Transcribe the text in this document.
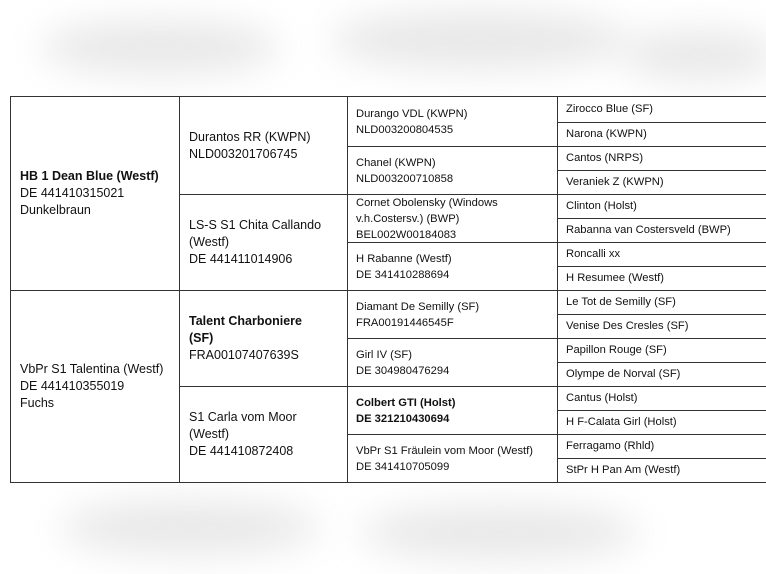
HB 1 Dean Blue (Westf)
DE 441410315021
Dunkelbraun
VbPr S1 Talentina (Westf)
DE 441410355019
Fuchs
Durantos RR (KWPN)
NLD003201706745
LS-S S1 Chita Callando (Westf)
DE 441411014906
Talent Charboniere (SF)
FRA00107407639S
S1 Carla vom Moor (Westf)
DE 441410872408
Durango VDL (KWPN)
NLD003200804535
Chanel (KWPN)
NLD003200710858
Cornet Obolensky (Windows v.h.Costersv.) (BWP)
BEL002W00184083
H Rabanne (Westf)
DE 341410288694
Diamant De Semilly (SF)
FRA00191446545F
Girl IV (SF)
DE 304980476294
Colbert GTI (Holst)
DE 321210430694
VbPr S1 Fräulein vom Moor (Westf)
DE 341410705099
Zirocco Blue (SF)
Narona (KWPN)
Cantos (NRPS)
Veraniek Z (KWPN)
Clinton (Holst)
Rabanna van Costersveld (BWP)
Roncalli xx
H Resumee (Westf)
Le Tot de Semilly (SF)
Venise Des Cresles (SF)
Papillon Rouge (SF)
Olympe de Norval (SF)
Cantus (Holst)
H F-Calata Girl (Holst)
Ferragamo (Rhld)
StPr H Pan Am (Westf)
